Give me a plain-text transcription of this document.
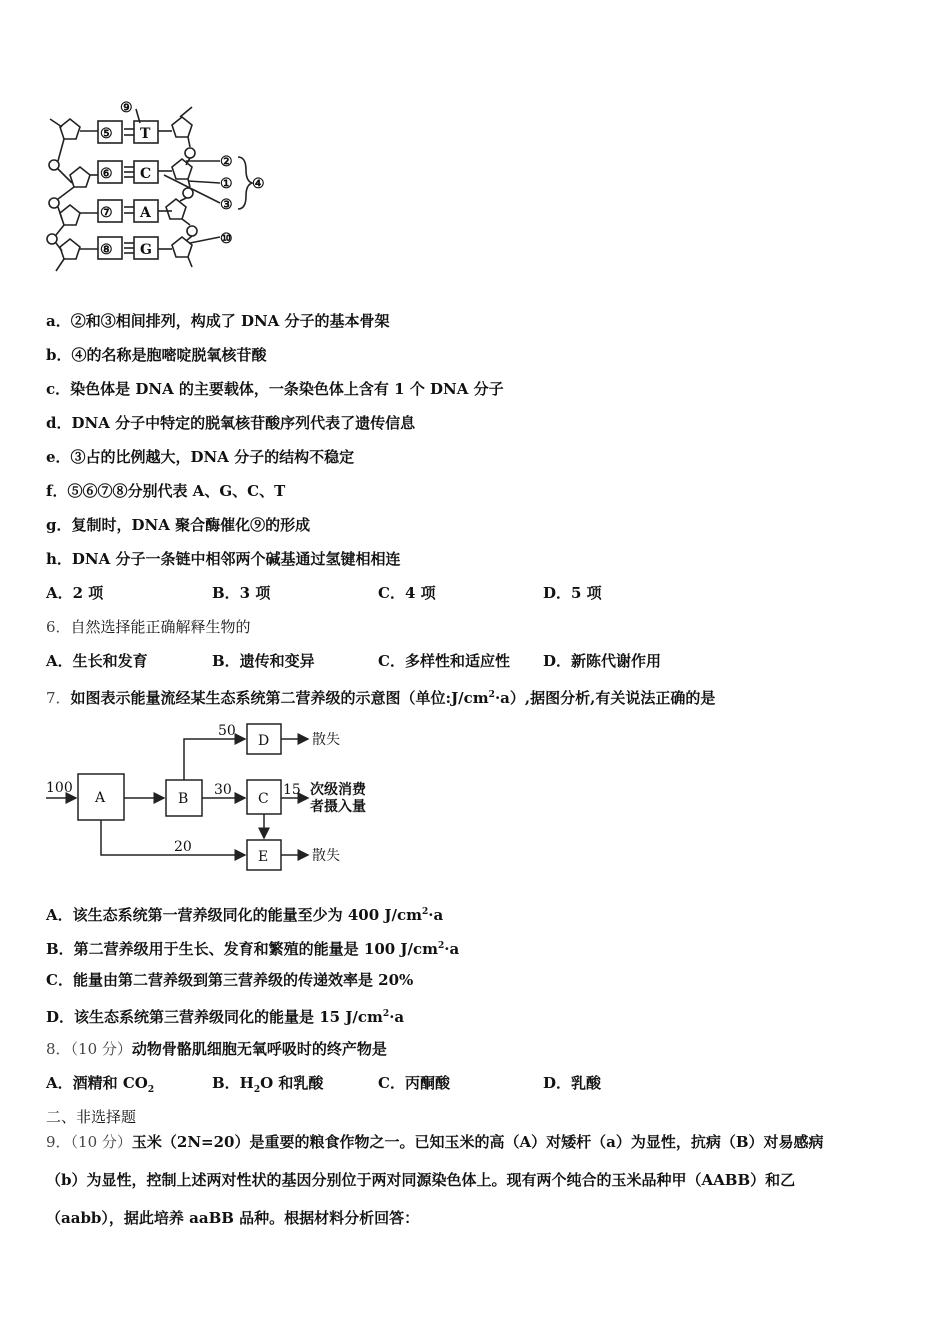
⑤
⑥
⑦
⑧
T
C
A
G
⑨
②
①
③
④
⑩
a．②和③相间排列，构成了 DNA 分子的基本骨架
b．④的名称是胞嘧啶脱氧核苷酸
c．染色体是 DNA 的主要载体，一条染色体上含有 1 个 DNA 分子
d．DNA 分子中特定的脱氧核苷酸序列代表了遗传信息
e．③占的比例越大，DNA 分子的结构不稳定
f．⑤⑥⑦⑧分别代表 A、G、C、T
g．复制时，DNA 聚合酶催化⑨的形成
h．DNA 分子一条链中相邻两个碱基通过氢键相相连
A．2 项	B．3 项	C．4 项	D．5 项
6．自然选择能正确解释生物的
A．生长和发育	B．遗传和变异	C．多样性和适应性 D．新陈代谢作用
7．如图表示能量流经某生态系统第二营养级的示意图（单位$:J/cm^2\cdot a$）,据图分析,有关说法正确的是
100
A	B	C
D
E
50
30	15
20
散失
散失
次级消费
者摄入量
A．该生态系统第一营养级同化的能量至少为 400 $J/cm^2\cdot a$
B．第二营养级用于生长、发育和繁殖的能量是 100 $J/cm^2\cdot a$
C．能量由第二营养级到第三营养级的传递效率是 20%
D．该生态系统第三营养级同化的能量是 15 $J/cm^2\cdot a$
8．（10 分）动物骨骼肌细胞无氧呼吸时的终产物是
A．酒精和 $CO_2$	B．$H_2O$ 和乳酸	C．丙酮酸	D．乳酸
二、非选择题
9．（10 分）玉米（2N=20）是重要的粮食作物之一。已知玉米的高（A）对矮杆（a）为显性，抗病（B）对易感病
（b）为显性，控制上述两对性状的基因分别位于两对同源染色体上。现有两个纯合的玉米品种甲（AABB）和乙
（aabb），据此培养 aaBB 品种。根据材料分析回答：
